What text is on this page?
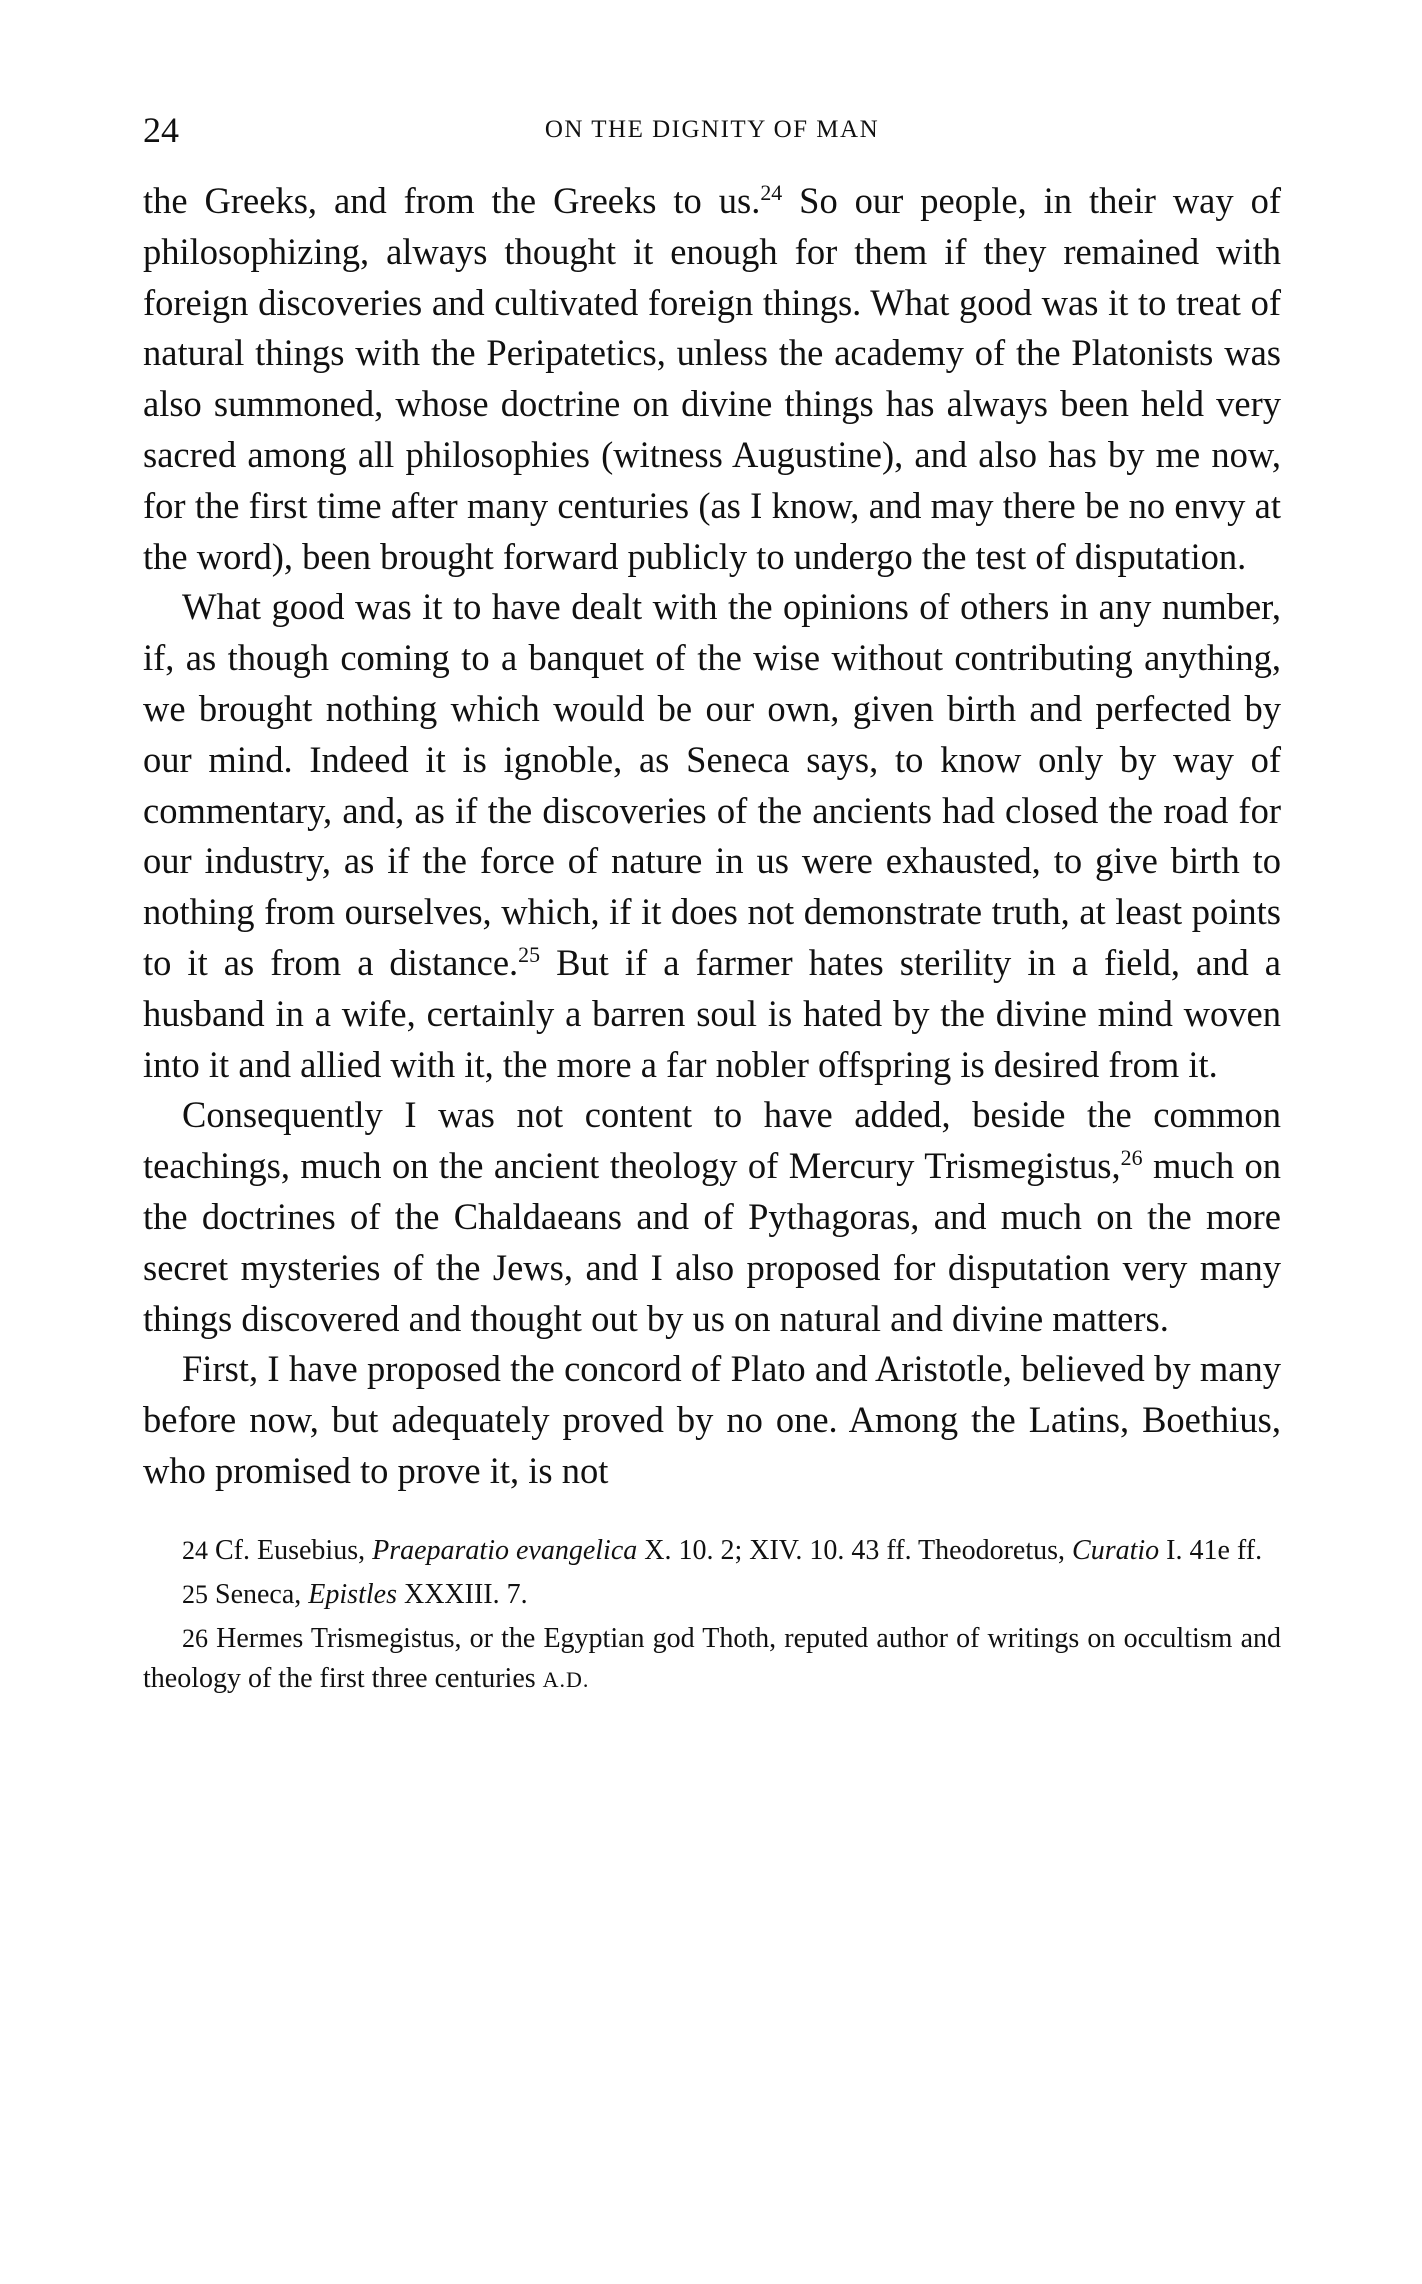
24	ON THE DIGNITY OF MAN

the Greeks, and from the Greeks to us.$^{24}$ So our people, in their way of philosophizing, always thought it enough for them if they remained with foreign discoveries and cultivated foreign things. What good was it to treat of natural things with the Peripatetics, unless the academy of the Platonists was also summoned, whose doctrine on divine things has always been held very sacred among all philosophies (witness Augustine), and also has by me now, for the first time after many centuries (as I know, and may there be no envy at the word), been brought forward publicly to undergo the test of disputation.

What good was it to have dealt with the opinions of others in any number, if, as though coming to a banquet of the wise without contributing anything, we brought nothing which would be our own, given birth and perfected by our mind. Indeed it is ignoble, as Seneca says, to know only by way of commentary, and, as if the discoveries of the ancients had closed the road for our industry, as if the force of nature in us were exhausted, to give birth to nothing from ourselves, which, if it does not demonstrate truth, at least points to it as from a distance.$^{25}$ But if a farmer hates sterility in a field, and a husband in a wife, certainly a barren soul is hated by the divine mind woven into it and allied with it, the more a far nobler offspring is desired from it.

Consequently I was not content to have added, beside the common teachings, much on the ancient theology of Mercury Trismegistus,$^{26}$ much on the doctrines of the Chaldaeans and of Pythagoras, and much on the more secret mysteries of the Jews, and I also proposed for disputation very many things discovered and thought out by us on natural and divine matters.

First, I have proposed the concord of Plato and Aristotle, believed by many before now, but adequately proved by no one. Among the Latins, Boethius, who promised to prove it, is not

24 Cf. Eusebius, Praeparatio evangelica X. 10. 2; XIV. 10. 43 ff. Theodoretus, Curatio I. 41e ff.

25 Seneca, Epistles XXXIII. 7.

26 Hermes Trismegistus, or the Egyptian god Thoth, reputed author of writings on occultism and theology of the first three centuries A.D.
